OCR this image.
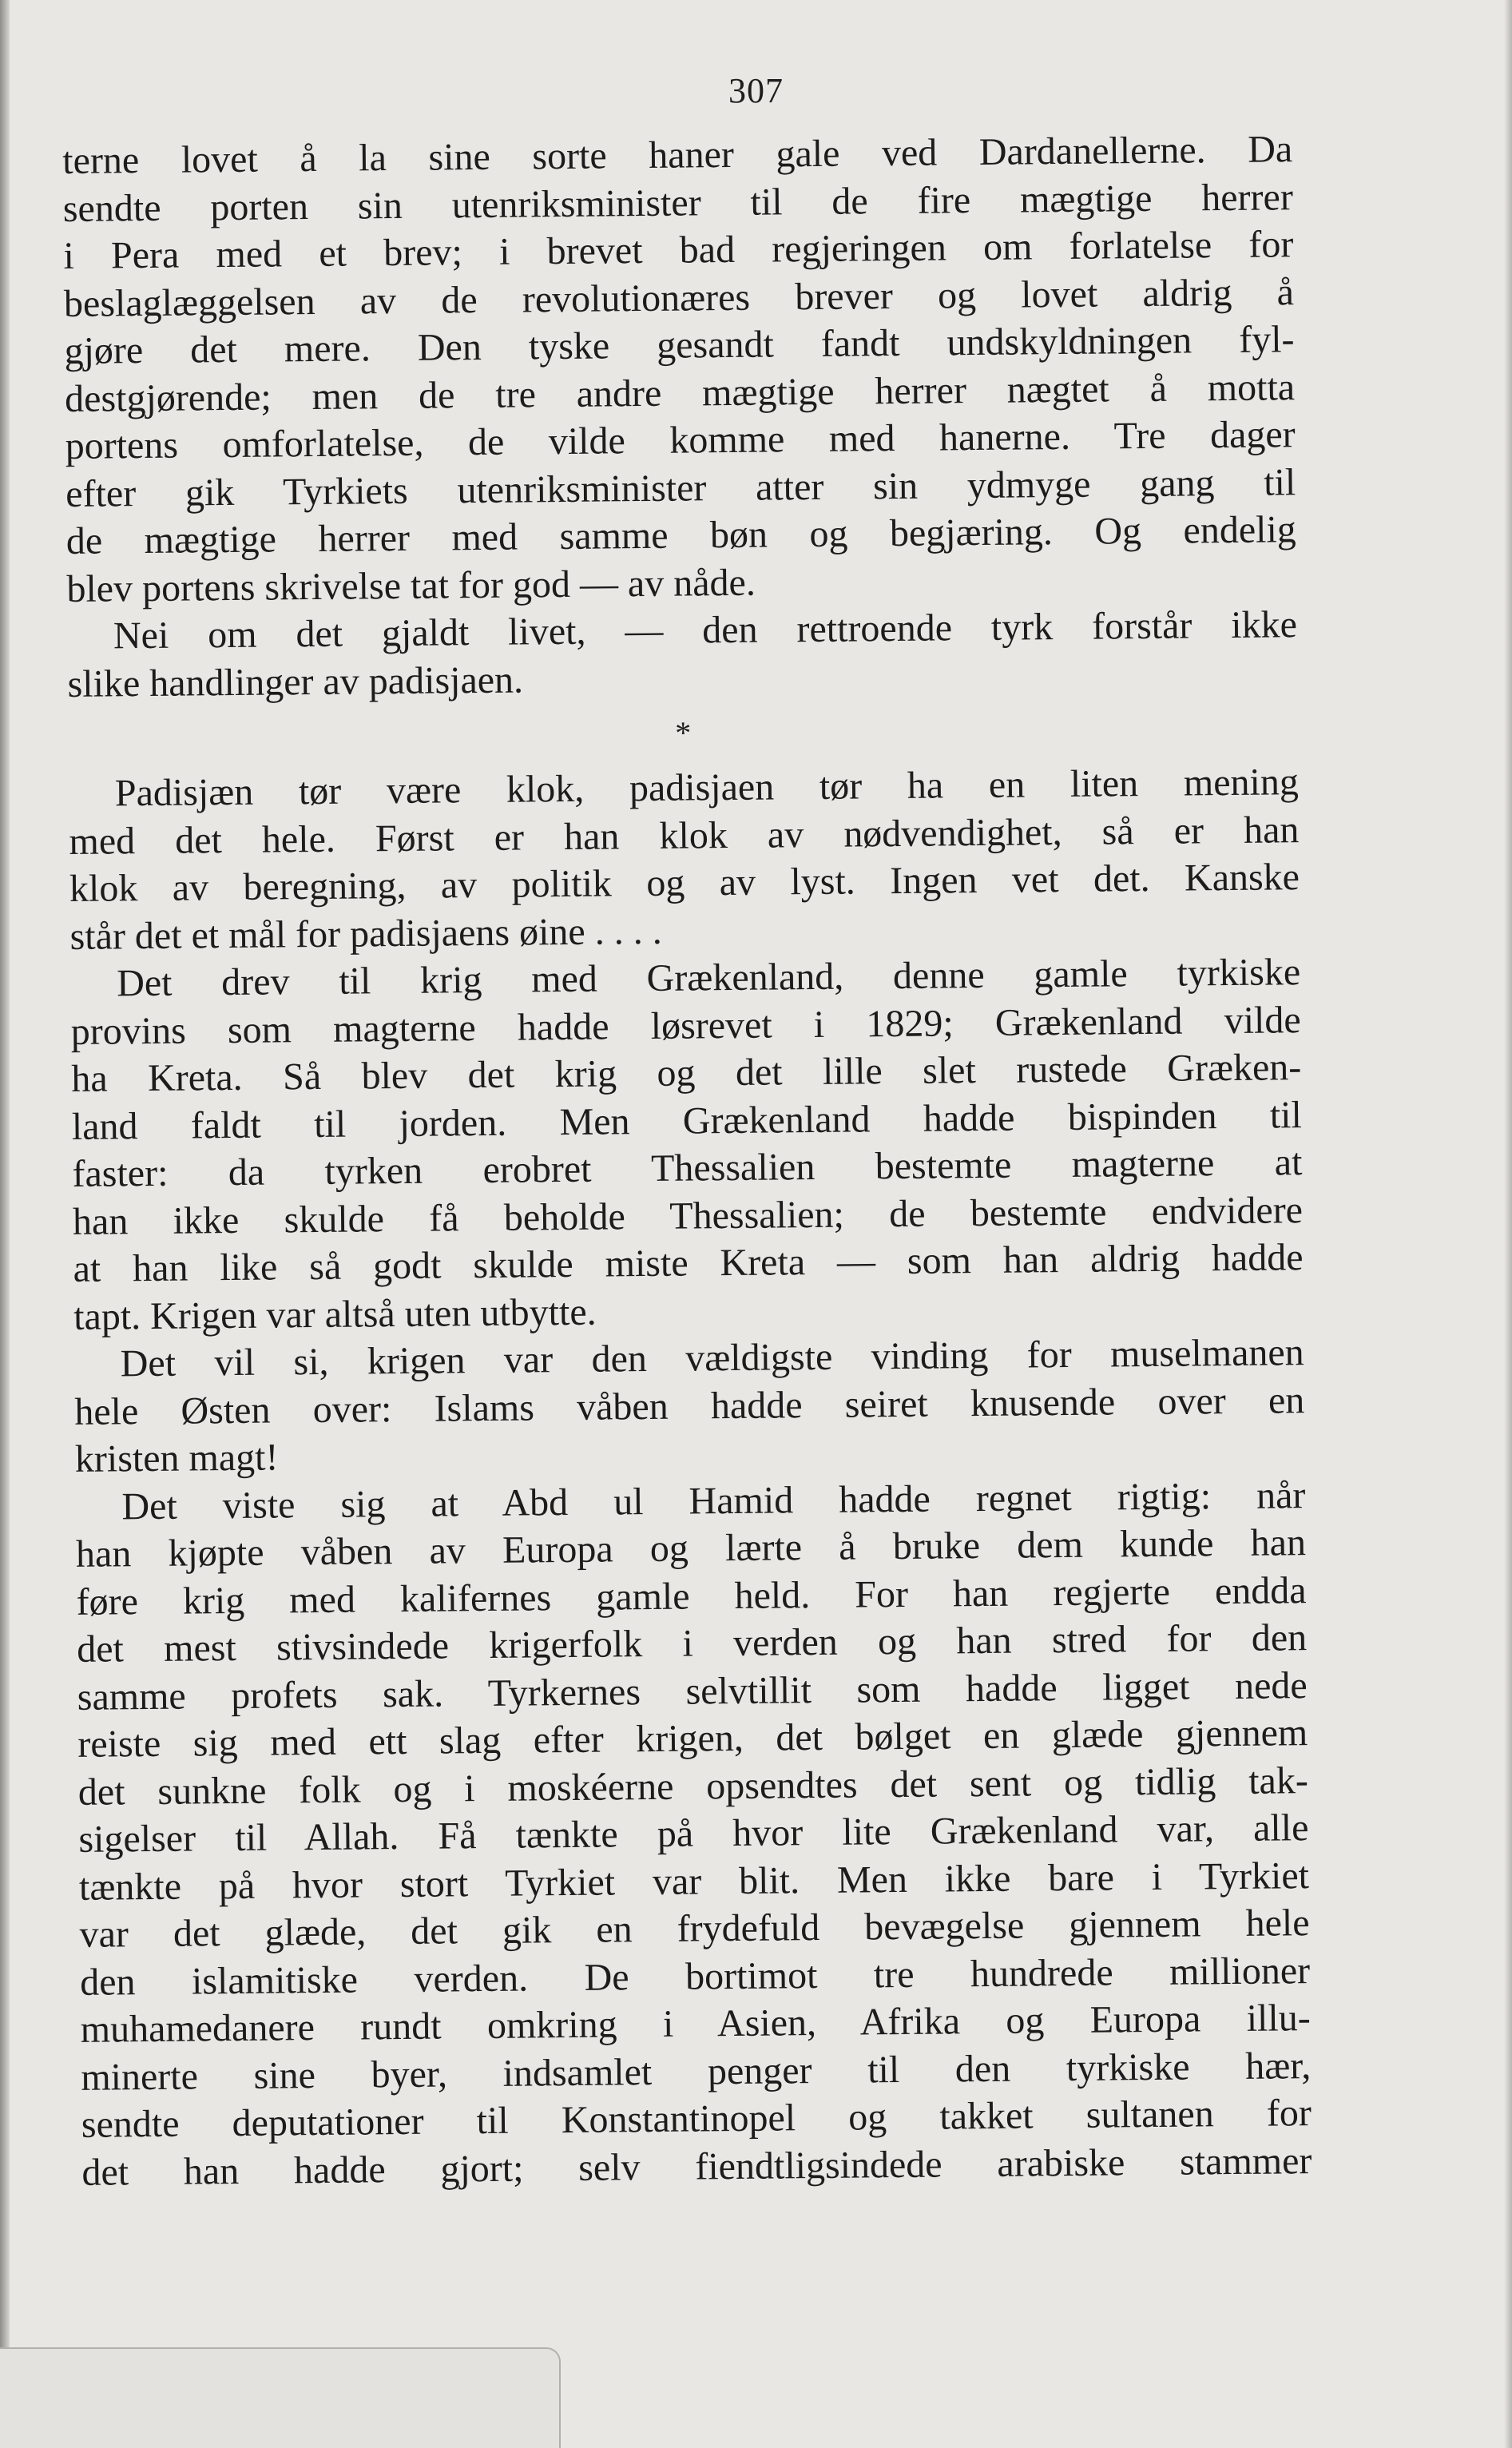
307
terne lovet å la sine sorte haner gale ved Dardanellerne. Da
sendte porten sin utenriksminister til de fire mægtige herrer
i Pera med et brev; i brevet bad regjeringen om forlatelse for
beslaglæggelsen av de revolutionæres brever og lovet aldrig å
gjøre det mere. Den tyske gesandt fandt undskyldningen fyl-
destgjørende; men de tre andre mægtige herrer nægtet å motta
portens omforlatelse, de vilde komme med hanerne. Tre dager
efter gik Tyrkiets utenriksminister atter sin ydmyge gang til
de mægtige herrer med samme bøn og begjæring. Og endelig
blev portens skrivelse tat for god — av nåde.
Nei om det gjaldt livet, — den rettroende tyrk forstår ikke
slike handlinger av padisjaen.
*
Padisjæn tør være klok, padisjaen tør ha en liten mening
med det hele. Først er han klok av nødvendighet, så er han
klok av beregning, av politik og av lyst. Ingen vet det. Kanske
står det et mål for padisjaens øine . . . .
Det drev til krig med Grækenland, denne gamle tyrkiske
provins som magterne hadde løsrevet i 1829; Grækenland vilde
ha Kreta. Så blev det krig og det lille slet rustede Græken-
land faldt til jorden. Men Grækenland hadde bispinden til
faster: da tyrken erobret Thessalien bestemte magterne at
han ikke skulde få beholde Thessalien; de bestemte endvidere
at han like så godt skulde miste Kreta — som han aldrig hadde
tapt. Krigen var altså uten utbytte.
Det vil si, krigen var den vældigste vinding for muselmanen
hele Østen over: Islams våben hadde seiret knusende over en
kristen magt!
Det viste sig at Abd ul Hamid hadde regnet rigtig: når
han kjøpte våben av Europa og lærte å bruke dem kunde han
føre krig med kalifernes gamle held. For han regjerte endda
det mest stivsindede krigerfolk i verden og han stred for den
samme profets sak. Tyrkernes selvtillit som hadde ligget nede
reiste sig med ett slag efter krigen, det bølget en glæde gjennem
det sunkne folk og i moskéerne opsendtes det sent og tidlig tak-
sigelser til Allah. Få tænkte på hvor lite Grækenland var, alle
tænkte på hvor stort Tyrkiet var blit. Men ikke bare i Tyrkiet
var det glæde, det gik en frydefuld bevægelse gjennem hele
den islamitiske verden. De bortimot tre hundrede millioner
muhamedanere rundt omkring i Asien, Afrika og Europa illu-
minerte sine byer, indsamlet penger til den tyrkiske hær,
sendte deputationer til Konstantinopel og takket sultanen for
det han hadde gjort; selv fiendtligsindede arabiske stammer
